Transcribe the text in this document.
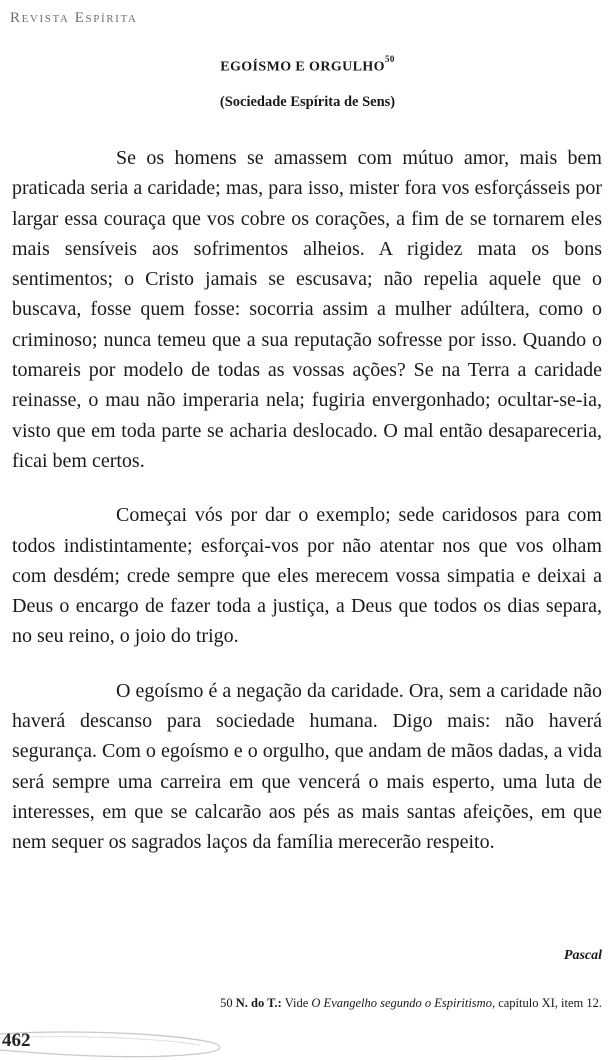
Revista Espírita
EGOÍSMO E ORGULHO$^{50}$
(Sociedade Espírita de Sens)

Se os homens se amassem com mútuo amor, mais bem praticada seria a caridade; mas, para isso, mister fora vos esforçásseis por largar essa couraça que vos cobre os corações, a fim de se tornarem eles mais sensíveis aos sofrimentos alheios. A rigidez mata os bons sentimentos; o Cristo jamais se escusava; não repelia aquele que o buscava, fosse quem fosse: socorria assim a mulher adúltera, como o criminoso; nunca temeu que a sua reputação sofresse por isso. Quando o tomareis por modelo de todas as vossas ações? Se na Terra a caridade reinasse, o mau não imperaria nela; fugiria envergonhado; ocultar-se-ia, visto que em toda parte se acharia deslocado. O mal então desapareceria, ficai bem certos.

Começai vós por dar o exemplo; sede caridosos para com todos indistintamente; esforçai-vos por não atentar nos que vos olham com desdém; crede sempre que eles merecem vossa simpatia e deixai a Deus o encargo de fazer toda a justiça, a Deus que todos os dias separa, no seu reino, o joio do trigo.

O egoísmo é a negação da caridade. Ora, sem a caridade não haverá descanso para sociedade humana. Digo mais: não haverá segurança. Com o egoísmo e o orgulho, que andam de mãos dadas, a vida será sempre uma carreira em que vencerá o mais esperto, uma luta de interesses, em que se calcarão aos pés as mais santas afeições, em que nem sequer os sagrados laços da família merecerão respeito.

Pascal
50 N. do T.: Vide O Evangelho segundo o Espiritismo, capítulo XI, item 12.
462
